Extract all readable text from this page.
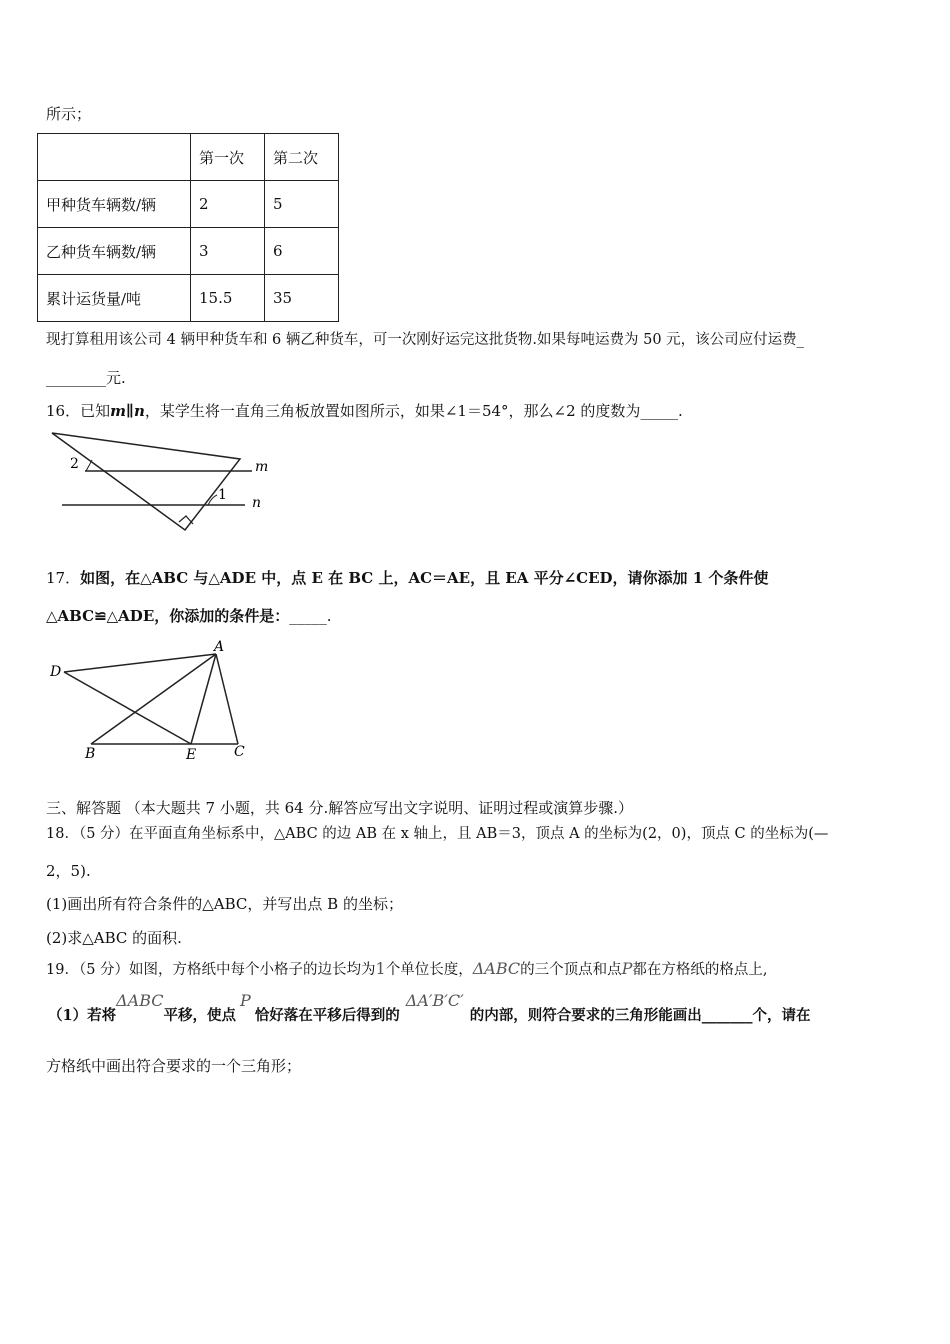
所示；
	第一次	第二次
甲种货车辆数/辆	2	5
乙种货车辆数/辆	3	6
累计运货量/吨	15.5	35
现打算租用该公司 4 辆甲种货车和 6 辆乙种货车，可一次刚好运完这批货物.如果每吨运费为 50 元，该公司应付运费_
________元.
16．已知m∥n，某学生将一直角三角板放置如图所示，如果∠1＝54°，那么∠2 的度数为_____.
2
1
m
n
17．如图，在△ABC 与△ADE 中，点 E 在 BC 上，AC＝AE，且 EA 平分∠CED，请你添加 1 个条件使
△ABC≌△ADE，你添加的条件是：_____.
A
D
B	E	C
三、解答题 （本大题共 7 小题，共 64 分.解答应写出文字说明、证明过程或演算步骤.）
18．（5 分）在平面直角坐标系中，△ABC 的边 AB 在 x 轴上，且 AB＝3，顶点 A 的坐标为(2，0)，顶点 C 的坐标为(—
2，5).
(1)画出所有符合条件的△ABC，并写出点 B 的坐标；
(2)求△ABC 的面积.
19．（5 分）如图，方格纸中每个小格子的边长均为1个单位长度，ΔABC的三个顶点和点P都在方格纸的格点上,
（1）若将ΔABC平移，使点P恰好落在平移后得到的ΔA′B′C′的内部，则符合要求的三角形能画出_______个，请在
方格纸中画出符合要求的一个三角形；
